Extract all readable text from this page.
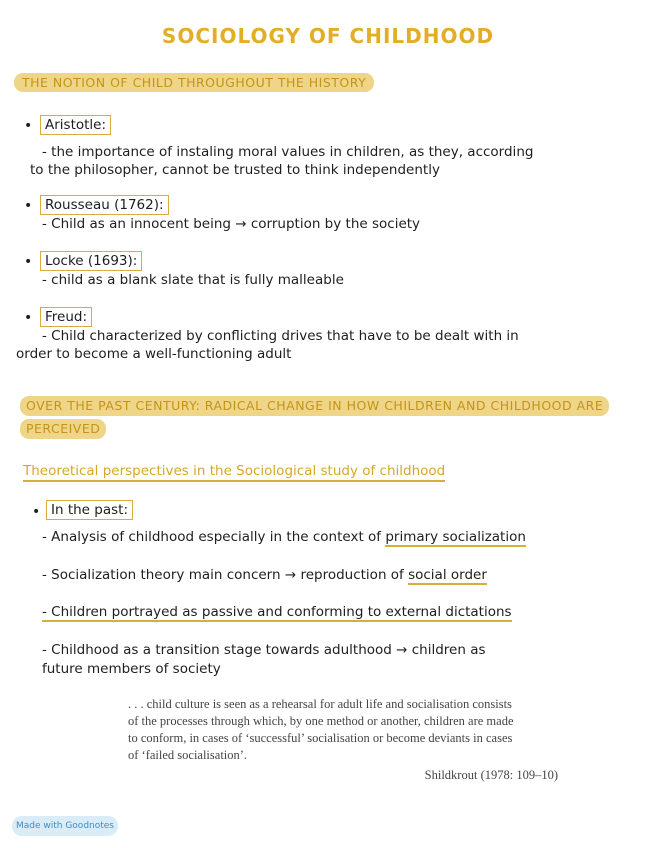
SOCIOLOGY OF CHILDHOOD
THE NOTION OF CHILD THROUGHOUT THE HISTORY
• Aristotle:
- the importance of instaling moral values in children, as they, according
to the philosopher, cannot be trusted to think independently
• Rousseau (1762):
- Child as an innocent being → corruption by the society
• Locke (1693):
- child as a blank slate that is fully malleable
• Freud:
- Child characterized by conflicting drives that have to be dealt with in
order to become a well-functioning adult
OVER THE PAST CENTURY: RADICAL CHANGE IN HOW CHILDREN AND CHILDHOOD ARE
PERCEIVED
Theoretical perspectives in the Sociological study of childhood
• In the past:
- Analysis of childhood especially in the context of primary socialization
- Socialization theory main concern → reproduction of social order
- Children portrayed as passive and conforming to external dictations
- Childhood as a transition stage towards adulthood → children as
future members of society
. . . child culture is seen as a rehearsal for adult life and socialisation consists
of the processes through which, by one method or another, children are made
to conform, in cases of ‘successful’ socialisation or become deviants in cases
of ‘failed socialisation’.
Shildkrout (1978: 109–10)
Made with Goodnotes
